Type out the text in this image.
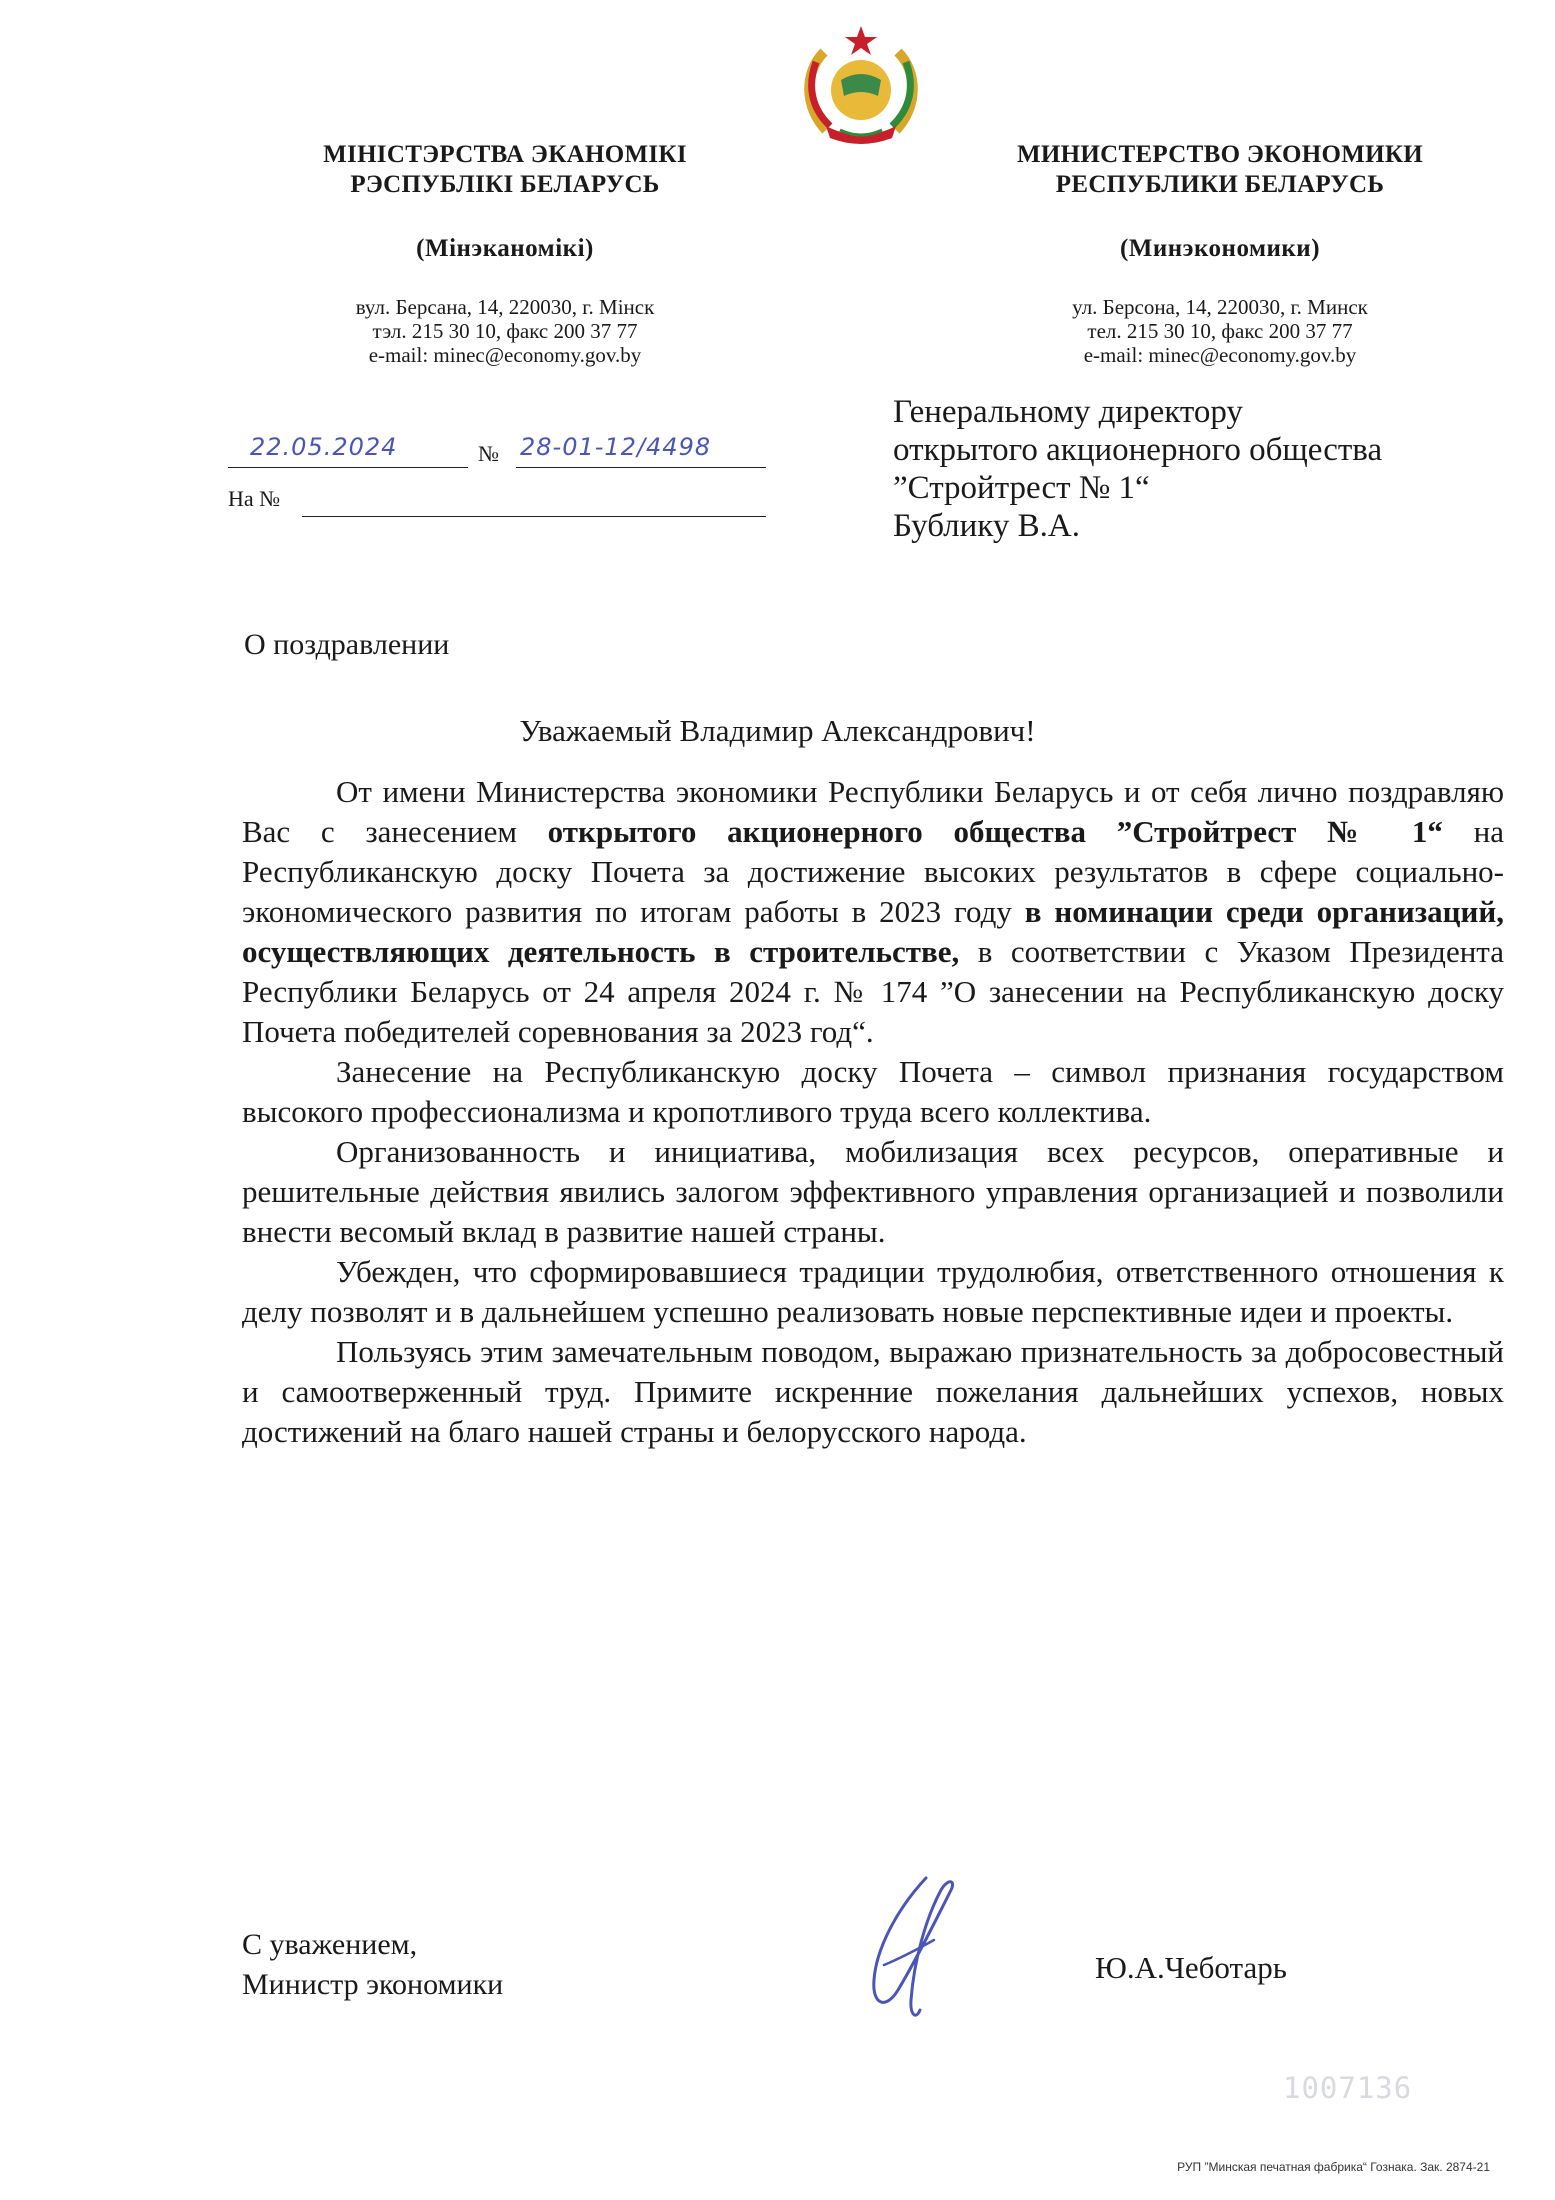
МІНІСТЭРСТВА ЭКАНОМІКІ
РЭСПУБЛІКІ БЕЛАРУСЬ
(Мінэканомікі)
вул. Берсана, 14, 220030, г. Мінск
тэл. 215 30 10, факс 200 37 77
e-mail: minec@economy.gov.by
МИНИСТЕРСТВО ЭКОНОМИКИ
РЕСПУБЛИКИ БЕЛАРУСЬ
(Минэкономики)
ул. Берсона, 14, 220030, г. Минск
тел. 215 30 10, факс 200 37 77
e-mail: minec@economy.gov.by
22.05.2024	№ 28-01-12/4498
На №
Генеральному директору
открытого акционерного общества
”Стройтрест № 1“
Бублику В.А.
О поздравлении
Уважаемый Владимир Александрович!

От имени Министерства экономики Республики Беларусь и от себя лично поздравляю Вас с занесением открытого акционерного общества ”Стройтрест № 1“ на Республиканскую доску Почета за достижение высоких результатов в сфере социально-экономического развития по итогам работы в 2023 году в номинации среди организаций, осуществляющих деятельность в строительстве, в соответствии с Указом Президента Республики Беларусь от 24 апреля 2024 г. № 174 ”О занесении на Республиканскую доску Почета победителей соревнования за 2023 год“.

Занесение на Республиканскую доску Почета – символ признания государством высокого профессионализма и кропотливого труда всего коллектива.

Организованность и инициатива, мобилизация всех ресурсов, оперативные и решительные действия явились залогом эффективного управления организацией и позволили внести весомый вклад в развитие нашей страны.

Убежден, что сформировавшиеся традиции трудолюбия, ответственного отношения к делу позволят и в дальнейшем успешно реализовать новые перспективные идеи и проекты.

Пользуясь этим замечательным поводом, выражаю признательность за добросовестный и самоотверженный труд. Примите искренние пожелания дальнейших успехов, новых достижений на благо нашей страны и белорусского народа.

С уважением,
Министр экономики	Ю.А.Чеботарь
1007136
РУП ”Минская печатная фабрика“ Гознака. Зак. 2874-21
